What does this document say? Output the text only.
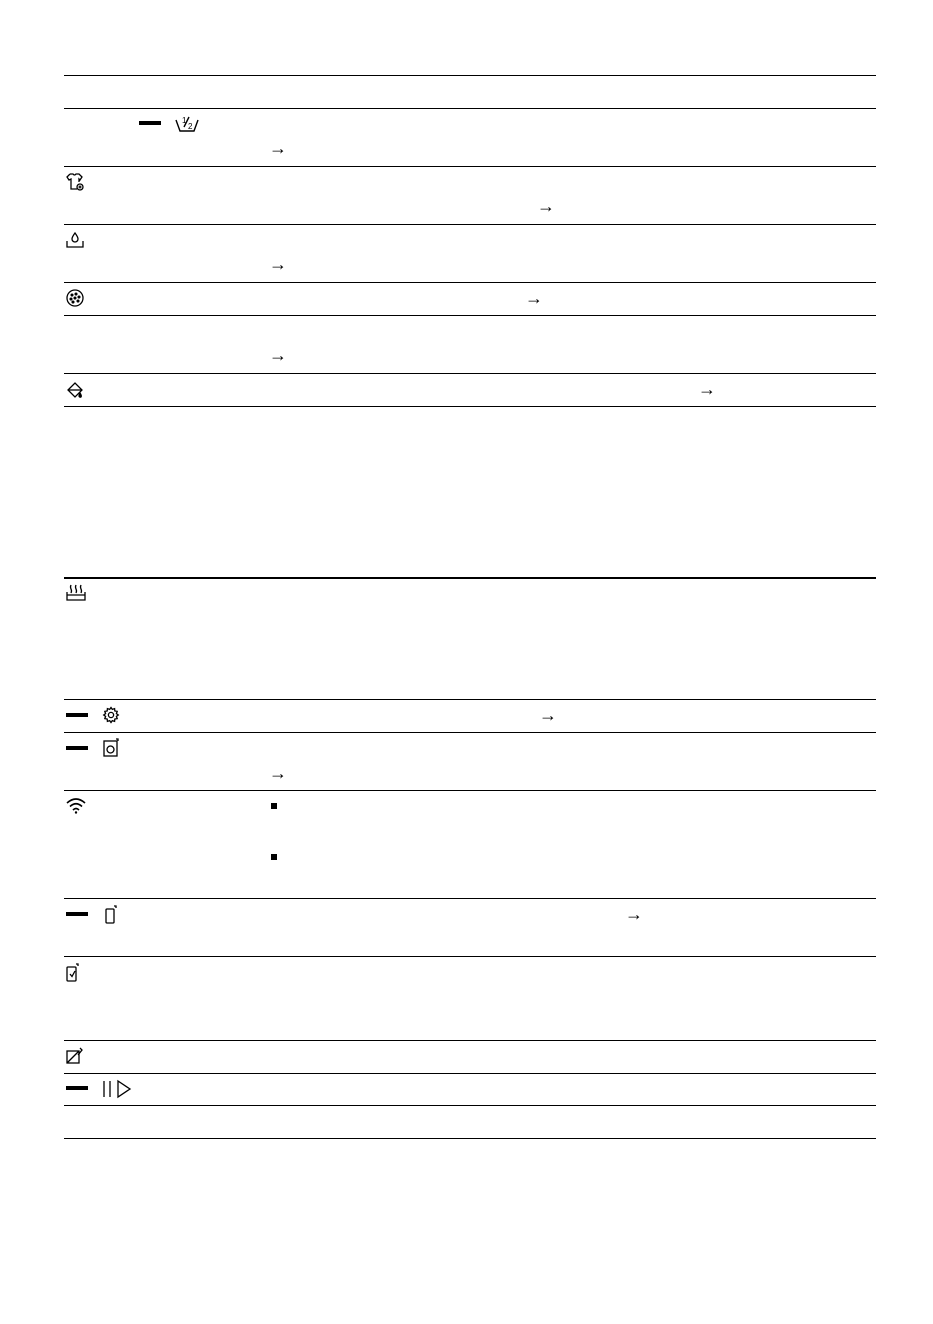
1
2
→
→
→
→
→
→
→
→
→
